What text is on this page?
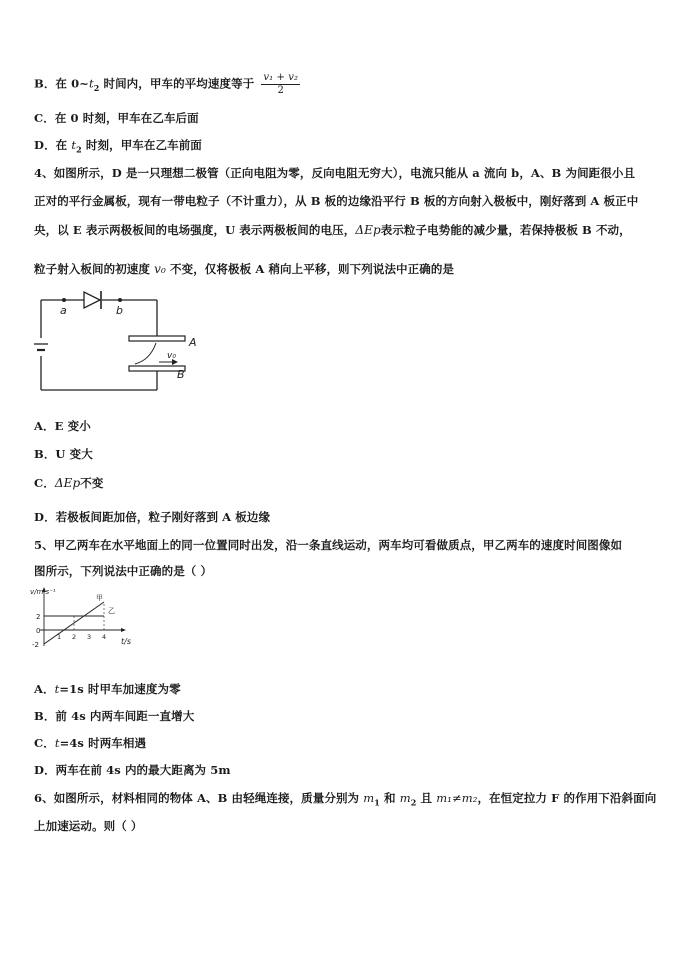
B．在 $0\sim t_2$ 时间内，甲车的平均速度等于 $\frac{\text{v₁ + v₂}}{2}$
C．在 0 时刻，甲车在乙车后面
D．在 $t_2$ 时刻，甲车在乙车前面
4、如图所示，D 是一只理想二极管（正向电阻为零，反向电阻无穷大），电流只能从 a 流向 b，A、B 为间距很小且
正对的平行金属板，现有一带电粒子（不计重力），从 B 板的边缘沿平行 B 板的方向射入极板中，刚好落到 A 板正中
央，以 E 表示两极板间的电场强度，U 表示两极板间的电压，ΔEp表示粒子电势能的减少量，若保持极板 B 不动，
粒子射入板间的初速度 v₀ 不变，仅将极板 A 稍向上平移，则下列说法中正确的是
a	b
A
B
v₀
A．E 变小
B．U 变大
C．ΔEp不变
D．若极板间距加倍，粒子刚好落到 A 板边缘
5、甲乙两车在水平地面上的同一位置同时出发，沿一条直线运动，两车均可看做质点，甲乙两车的速度时间图像如
图所示，下列说法中正确的是（ ）
v/m·s⁻¹
t/s
1 2 3 4
2
0
-2
甲
乙
A．t=1s 时甲车加速度为零
B．前 4s 内两车间距一直增大
C．t=4s 时两车相遇
D．两车在前 4s 内的最大距离为 5m
6、如图所示，材料相同的物体 A、B 由轻绳连接，质量分别为 $m_1$ 和 $m_2$ 且 m₁≠m₂，在恒定拉力 F 的作用下沿斜面向
上加速运动。则（ ）
